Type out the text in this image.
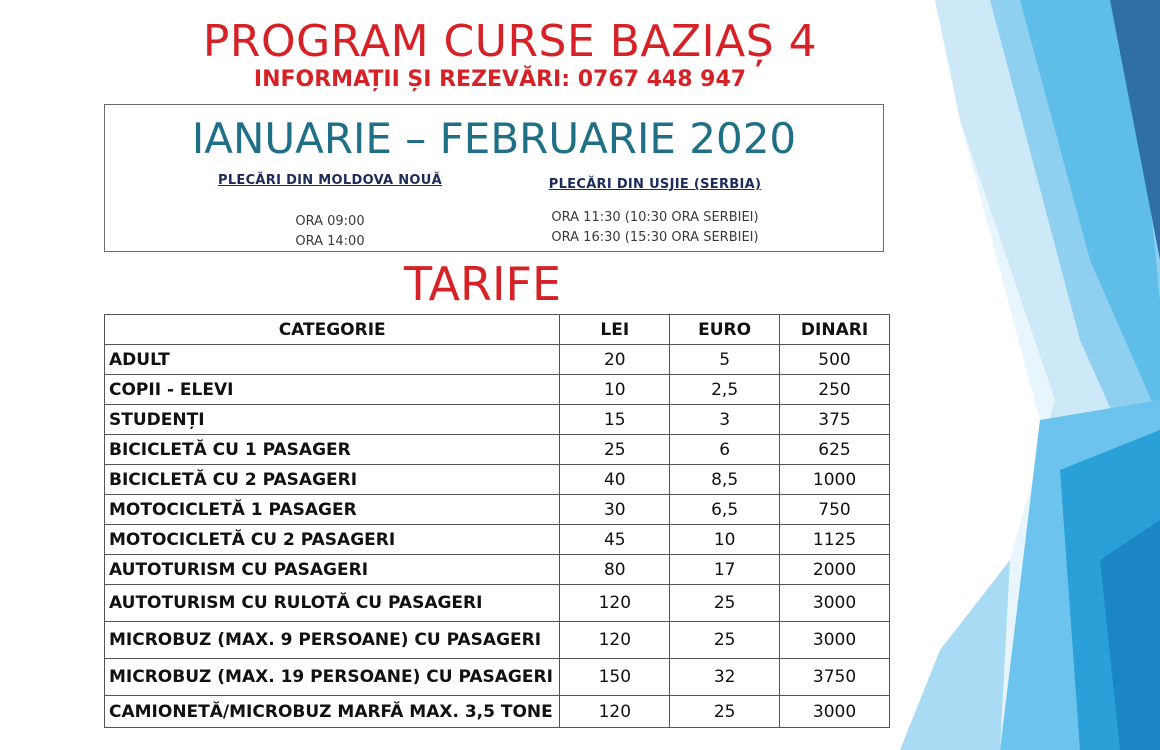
PROGRAM CURSE BAZIAȘ 4
INFORMAȚII ȘI REZEVĂRI: 0767 448 947
IANUARIE – FEBRUARIE 2020
PLECĂRI DIN MOLDOVA NOUĂ
ORA 09:00
ORA 14:00
PLECĂRI DIN USJIE (SERBIA)
ORA 11:30 (10:30 ORA SERBIEI)
ORA 16:30 (15:30 ORA SERBIEI)
TARIFE
CATEGORIE	LEI	EURO	DINARI
ADULT	20	5	500
COPII - ELEVI	10	2,5	250
STUDENȚI	15	3	375
BICICLETĂ CU 1 PASAGER	25	6	625
BICICLETĂ CU 2 PASAGERI	40	8,5	1000
MOTOCICLETĂ 1 PASAGER	30	6,5	750
MOTOCICLETĂ CU 2 PASAGERI	45	10	1125
AUTOTURISM CU PASAGERI	80	17	2000
AUTOTURISM CU RULOTĂ CU PASAGERI	120	25	3000
MICROBUZ (MAX. 9 PERSOANE) CU PASAGERI	120	25	3000
MICROBUZ (MAX. 19 PERSOANE) CU PASAGERI	150	32	3750
CAMIONETĂ/MICROBUZ MARFĂ MAX. 3,5 TONE	120	25	3000
